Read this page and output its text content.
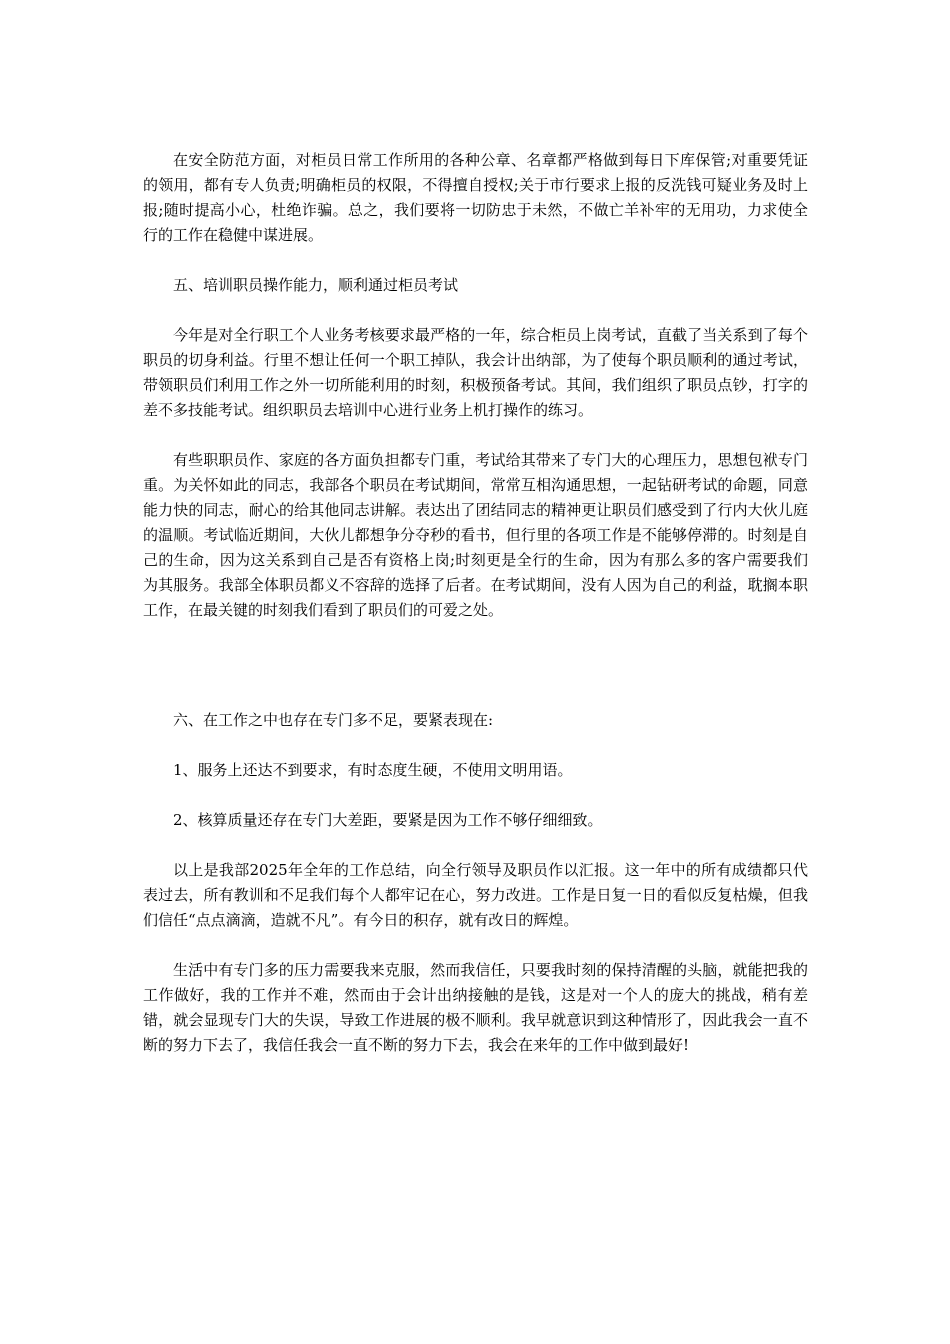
在安全防范方面，对柜员日常工作所用的各种公章、名章都严格做到每日下库保管;对重要凭证的领用，都有专人负责;明确柜员的权限，不得擅自授权;关于市行要求上报的反洗钱可疑业务及时上报;随时提高小心，杜绝诈骗。总之，我们要将一切防忠于未然，不做亡羊补牢的无用功，力求使全行的工作在稳健中谋进展。

五、培训职员操作能力，顺利通过柜员考试

今年是对全行职工个人业务考核要求最严格的一年，综合柜员上岗考试，直截了当关系到了每个职员的切身利益。行里不想让任何一个职工掉队，我会计出纳部，为了使每个职员顺利的通过考试，带领职员们利用工作之外一切所能利用的时刻，积极预备考试。其间，我们组织了职员点钞，打字的差不多技能考试。组织职员去培训中心进行业务上机打操作的练习。

有些职职员作、家庭的各方面负担都专门重，考试给其带来了专门大的心理压力，思想包袱专门重。为关怀如此的同志，我部各个职员在考试期间，常常互相沟通思想，一起钻研考试的命题，同意能力快的同志，耐心的给其他同志讲解。表达出了团结同志的精神更让职员们感受到了行内大伙儿庭的温顺。考试临近期间，大伙儿都想争分夺秒的看书，但行里的各项工作是不能够停滞的。时刻是自己的生命，因为这关系到自己是否有资格上岗;时刻更是全行的生命，因为有那么多的客户需要我们为其服务。我部全体职员都义不容辞的选择了后者。在考试期间，没有人因为自己的利益，耽搁本职工作，在最关键的时刻我们看到了职员们的可爱之处。

六、在工作之中也存在专门多不足，要紧表现在:

1、服务上还达不到要求，有时态度生硬，不使用文明用语。

2、核算质量还存在专门大差距，要紧是因为工作不够仔细细致。

以上是我部2025年全年的工作总结，向全行领导及职员作以汇报。这一年中的所有成绩都只代表过去，所有教训和不足我们每个人都牢记在心，努力改进。工作是日复一日的看似反复枯燥，但我们信任“点点滴滴，造就不凡”。有今日的积存，就有改日的辉煌。

生活中有专门多的压力需要我来克服，然而我信任，只要我时刻的保持清醒的头脑，就能把我的工作做好，我的工作并不难，然而由于会计出纳接触的是钱，这是对一个人的庞大的挑战，稍有差错，就会显现专门大的失误，导致工作进展的极不顺利。我早就意识到这种情形了，因此我会一直不断的努力下去了，我信任我会一直不断的努力下去，我会在来年的工作中做到最好!
